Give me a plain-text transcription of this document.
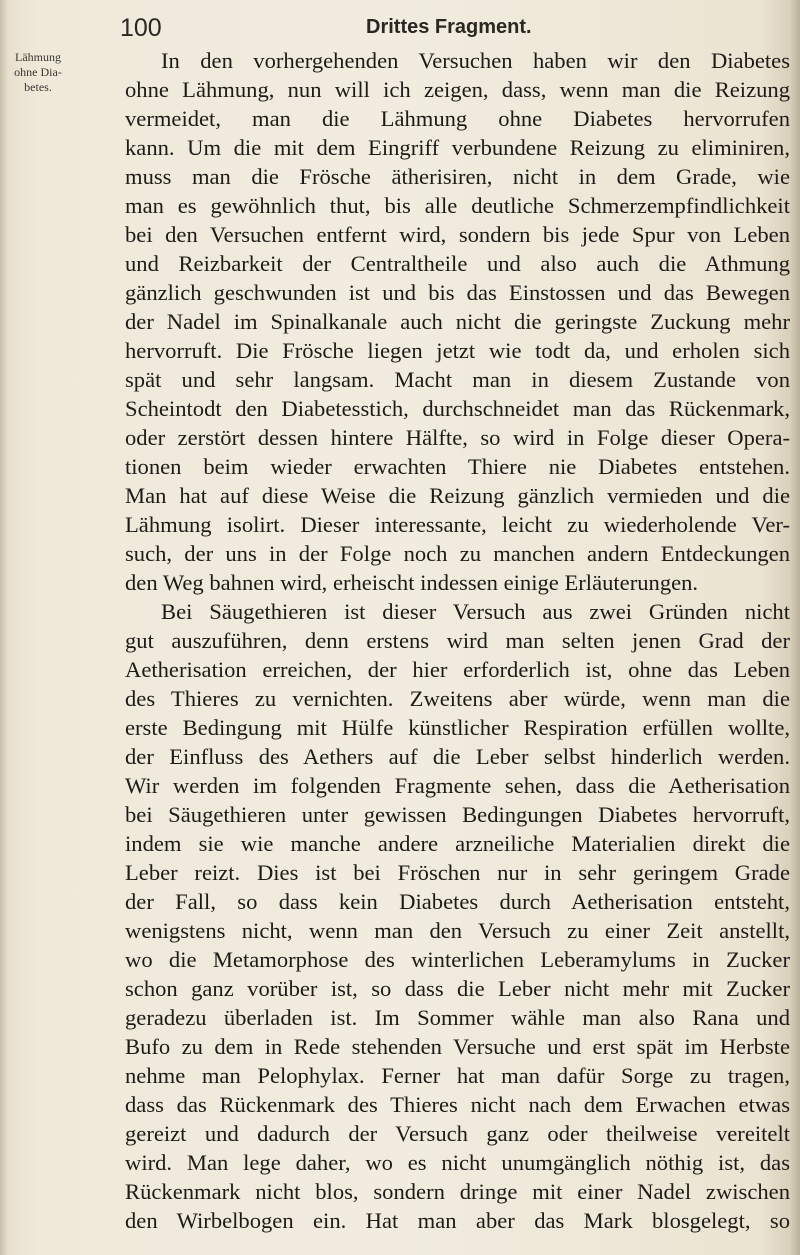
100	Drittes Fragment.
Lähmung
ohne Dia-
betes.
In den vorhergehenden Versuchen haben wir den Diabetes
ohne Lähmung, nun will ich zeigen, dass, wenn man die Reizung
vermeidet, man die Lähmung ohne Diabetes hervorrufen
kann. Um die mit dem Eingriff verbundene Reizung zu eliminiren,
muss man die Frösche ätherisiren, nicht in dem Grade, wie
man es gewöhnlich thut, bis alle deutliche Schmerzempfindlichkeit
bei den Versuchen entfernt wird, sondern bis jede Spur von Leben
und Reizbarkeit der Centraltheile und also auch die Athmung
gänzlich geschwunden ist und bis das Einstossen und das Bewegen
der Nadel im Spinalkanale auch nicht die geringste Zuckung mehr
hervorruft. Die Frösche liegen jetzt wie todt da, und erholen sich
spät und sehr langsam. Macht man in diesem Zustande von
Scheintodt den Diabetesstich, durchschneidet man das Rückenmark,
oder zerstört dessen hintere Hälfte, so wird in Folge dieser Opera-
tionen beim wieder erwachten Thiere nie Diabetes entstehen.
Man hat auf diese Weise die Reizung gänzlich vermieden und die
Lähmung isolirt. Dieser interessante, leicht zu wiederholende Ver-
such, der uns in der Folge noch zu manchen andern Entdeckungen
den Weg bahnen wird, erheischt indessen einige Erläuterungen.
Bei Säugethieren ist dieser Versuch aus zwei Gründen nicht
gut auszuführen, denn erstens wird man selten jenen Grad der
Aetherisation erreichen, der hier erforderlich ist, ohne das Leben
des Thieres zu vernichten. Zweitens aber würde, wenn man die
erste Bedingung mit Hülfe künstlicher Respiration erfüllen wollte,
der Einfluss des Aethers auf die Leber selbst hinderlich werden.
Wir werden im folgenden Fragmente sehen, dass die Aetherisation
bei Säugethieren unter gewissen Bedingungen Diabetes hervorruft,
indem sie wie manche andere arzneiliche Materialien direkt die
Leber reizt. Dies ist bei Fröschen nur in sehr geringem Grade
der Fall, so dass kein Diabetes durch Aetherisation entsteht,
wenigstens nicht, wenn man den Versuch zu einer Zeit anstellt,
wo die Metamorphose des winterlichen Leberamylums in Zucker
schon ganz vorüber ist, so dass die Leber nicht mehr mit Zucker
geradezu überladen ist. Im Sommer wähle man also Rana und
Bufo zu dem in Rede stehenden Versuche und erst spät im Herbste
nehme man Pelophylax. Ferner hat man dafür Sorge zu tragen,
dass das Rückenmark des Thieres nicht nach dem Erwachen etwas
gereizt und dadurch der Versuch ganz oder theilweise vereitelt
wird. Man lege daher, wo es nicht unumgänglich nöthig ist, das
Rückenmark nicht blos, sondern dringe mit einer Nadel zwischen
den Wirbelbogen ein. Hat man aber das Mark blosgelegt, so
